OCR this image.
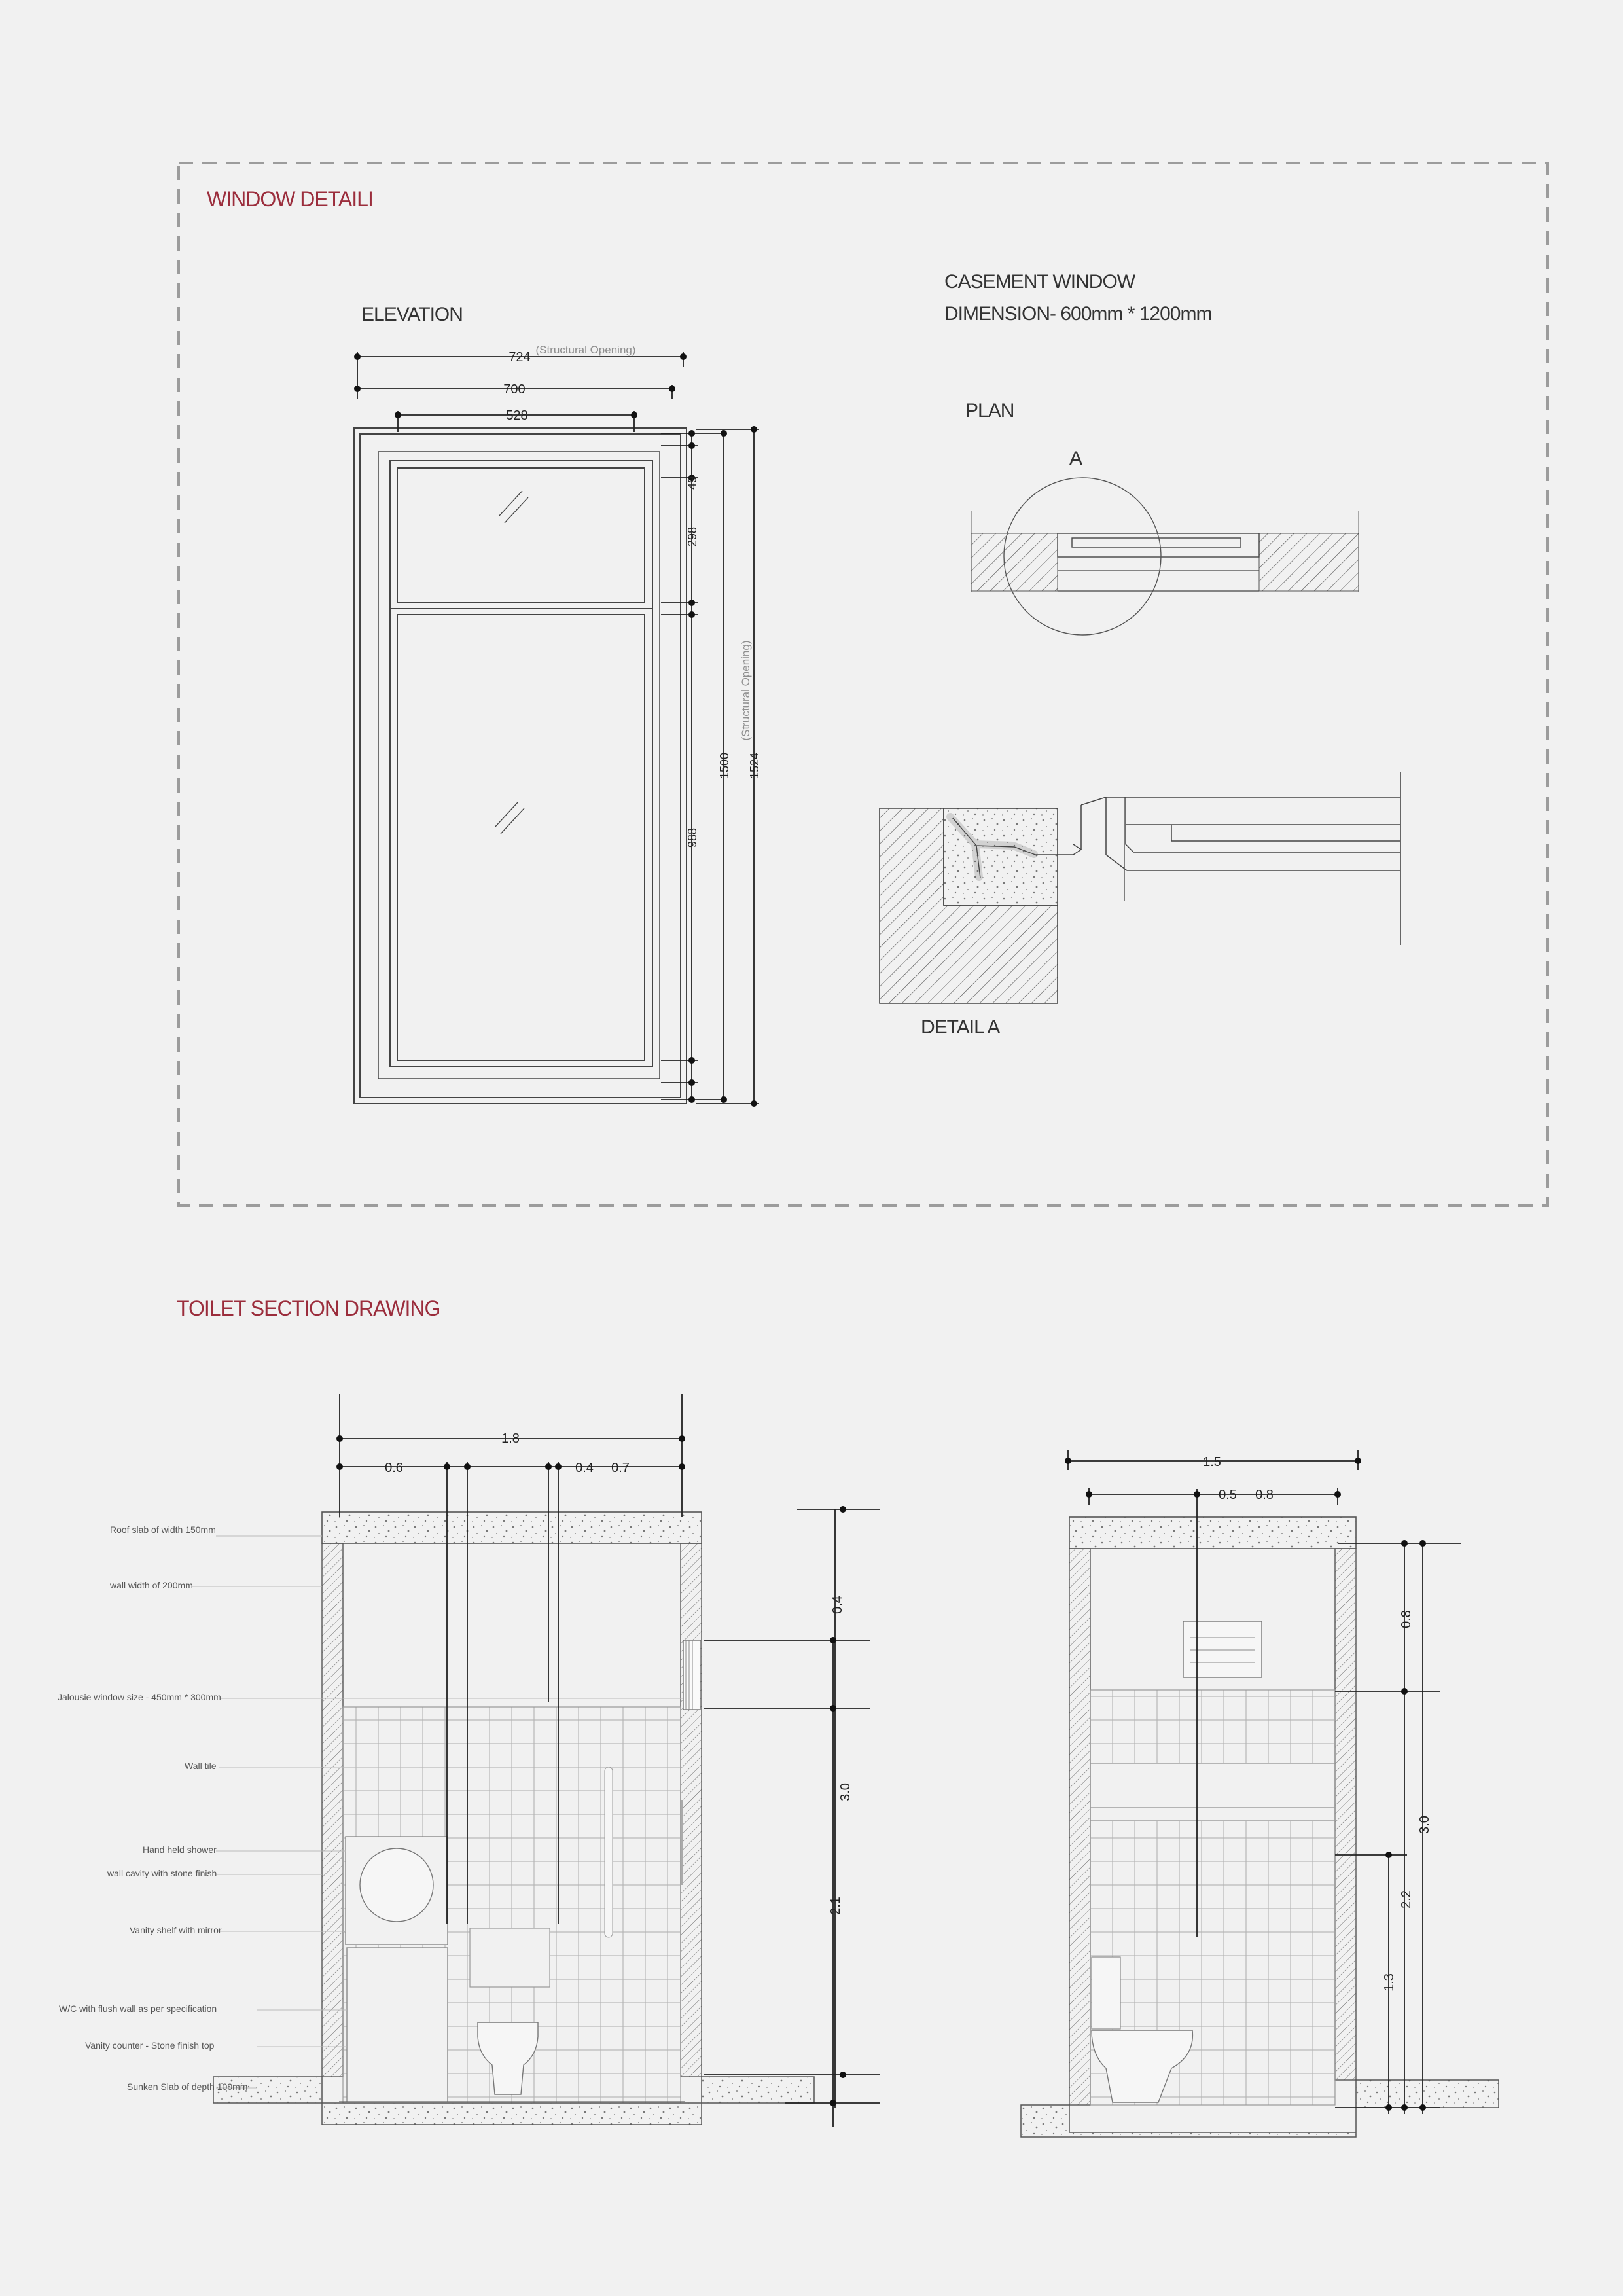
724
(Structural Opening)
700
528
49
298
988
1500
(Structural Opening)
1524
1.8
0.6	0.4 0.7
0.4
3.0
2.1
1.5
0.5 0.8
0.8
3.0
2.2
1.3
WINDOW DETAILI
ELEVATION
CASEMENT WINDOW
DIMENSION- 600mm * 1200mm
PLAN
A
DETAIL A
TOILET SECTION DRAWING
Roof slab of width 150mm
wall width of 200mm
Jalousie window size - 450mm * 300mm
Wall tile
Hand held shower
wall cavity with stone finish
Vanity shelf with mirror
W/C with flush wall as per specification
Vanity counter - Stone finish top
Sunken Slab of depth 100mm
